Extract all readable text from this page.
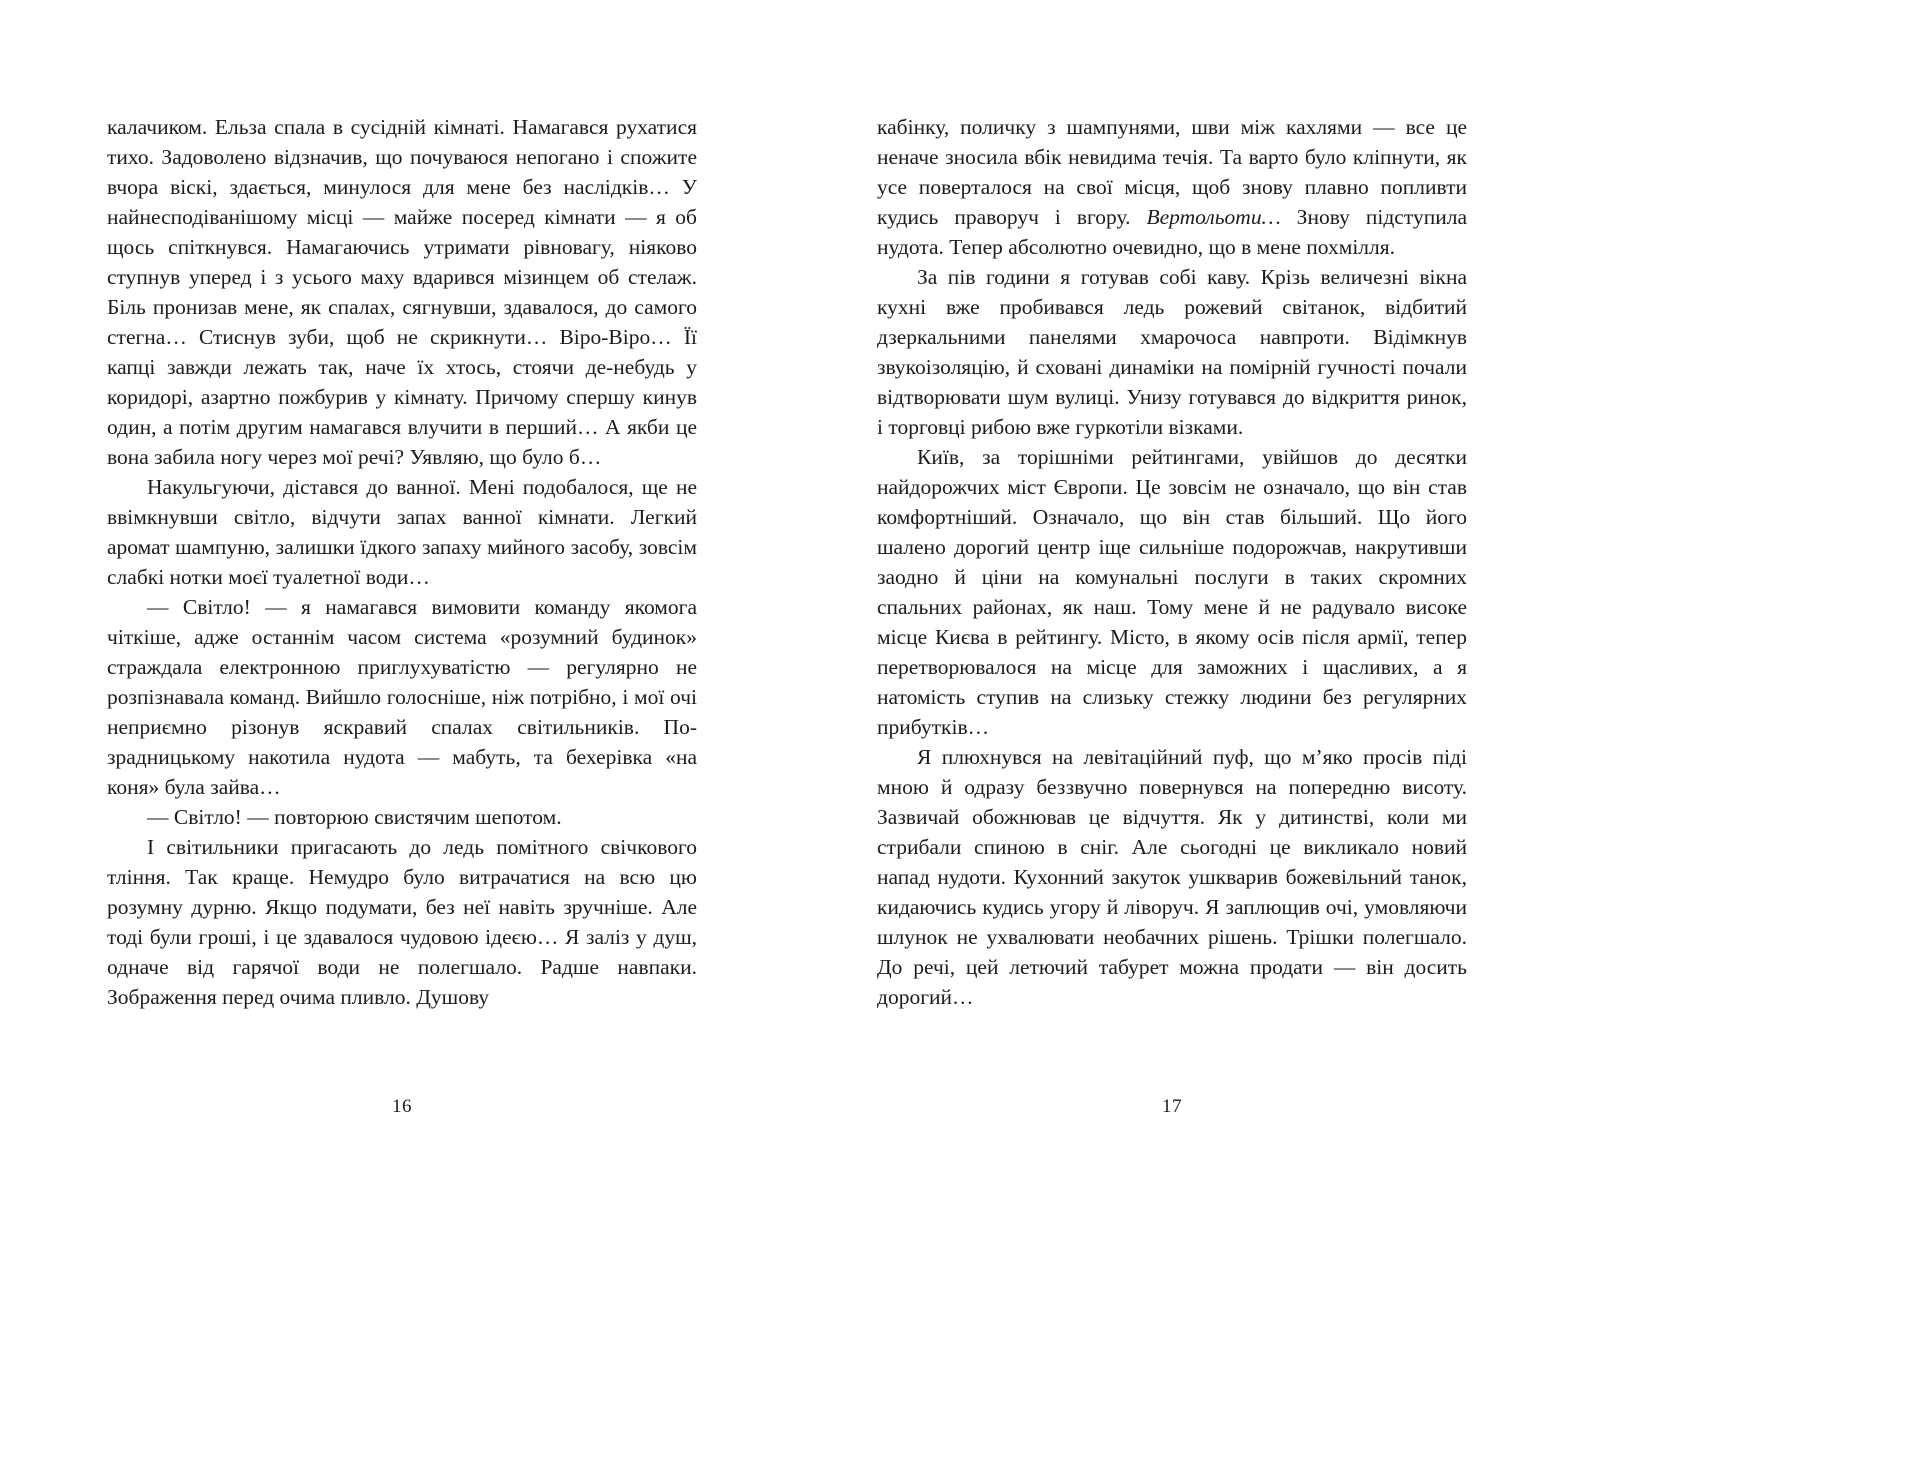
калачиком. Ельза спала в сусідній кімнаті. Намагався рухатися тихо. Задоволено відзначив, що почуваюся непогано і спожите вчора віскі, здається, минулося для мене без наслідків… У найнесподіванішому місці — майже посеред кімнати — я об щось спіткнувся. Намагаючись утримати рівновагу, ніяково ступнув уперед і з усього маху вдарився мізинцем об стелаж. Біль пронизав мене, як спалах, сягнувши, здавалося, до самого стегна… Стиснув зуби, щоб не скрикнути… Віро-Віро… Її капці завжди лежать так, наче їх хтось, стоячи де-небудь у коридорі, азартно пожбурив у кімнату. Причому спершу кинув один, а потім другим намагався влучити в перший… А якби це вона забила ногу через мої речі? Уявляю, що було б…

Накульгуючи, дістався до ванної. Мені подобалося, ще не ввімкнувши світло, відчути запах ванної кімнати. Легкий аромат шампуню, залишки їдкого запаху мийного засобу, зовсім слабкі нотки моєї туалетної води…

— Світло! — я намагався вимовити команду якомога чіткіше, адже останнім часом система «розумний будинок» страждала електронною приглухуватістю — регулярно не розпізнавала команд. Вийшло голосніше, ніж потрібно, і мої очі неприємно різонув яскравий спалах світильників. По-зрадницькому накотила нудота — мабуть, та бехерівка «на коня» була зайва…

— Світло! — повторюю свистячим шепотом.

І світильники пригасають до ледь помітного свічкового тління. Так краще. Немудро було витрачатися на всю цю розумну дурню. Якщо подумати, без неї навіть зручніше. Але тоді були гроші, і це здавалося чудовою ідеєю… Я заліз у душ, одначе від гарячої води не полегшало. Радше навпаки. Зображення перед очима пливло. Душову

16

кабінку, поличку з шампунями, шви між кахлями — все це неначе зносила вбік невидима течія. Та варто було кліпнути, як усе поверталося на свої місця, щоб знову плавно попливти кудись праворуч і вгору. Вертольоти… Знову підступила нудота. Тепер абсолютно очевидно, що в мене похмілля.

За пів години я готував собі каву. Крізь величезні вікна кухні вже пробивався ледь рожевий світанок, відбитий дзеркальними панелями хмарочоса навпроти. Відімкнув звукоізоляцію, й сховані динаміки на помірній гучності почали відтворювати шум вулиці. Унизу готувався до відкриття ринок, і торговці рибою вже гуркотіли візками.

Київ, за торішніми рейтингами, увійшов до десятки найдорожчих міст Європи. Це зовсім не означало, що він став комфортніший. Означало, що він став більший. Що його шалено дорогий центр іще сильніше подорожчав, накрутивши заодно й ціни на комунальні послуги в таких скромних спальних районах, як наш. Тому мене й не радувало високе місце Києва в рейтингу. Місто, в якому осів після армії, тепер перетворювалося на місце для заможних і щасливих, а я натомість ступив на слизьку стежку людини без регулярних прибутків…

Я плюхнувся на левітаційний пуф, що м’яко просів піді мною й одразу беззвучно повернувся на попередню висоту. Зазвичай обожнював це відчуття. Як у дитинстві, коли ми стрибали спиною в сніг. Але сьогодні це викликало новий напад нудоти. Кухонний закуток ушкварив божевільний танок, кидаючись кудись угору й ліворуч. Я заплющив очі, умовляючи шлунок не ухвалювати необачних рішень. Трішки полегшало. До речі, цей летючий табурет можна продати — він досить дорогий…

17
